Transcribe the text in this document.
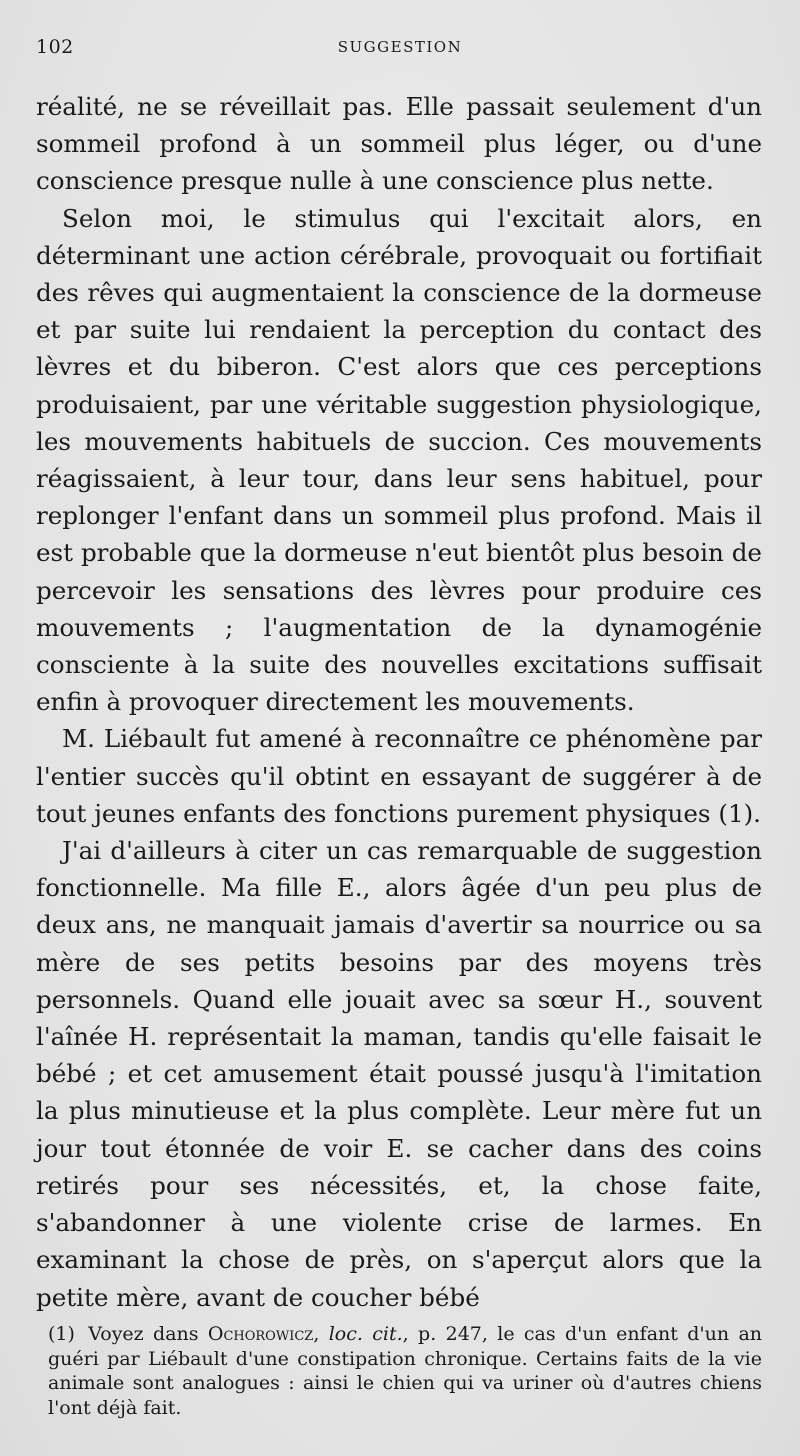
102	SUGGESTION

réalité, ne se réveillait pas. Elle passait seulement d'un sommeil profond à un sommeil plus léger, ou d'une conscience presque nulle à une conscience plus nette.

Selon moi, le stimulus qui l'excitait alors, en déterminant une action cérébrale, provoquait ou fortifiait des rêves qui augmentaient la conscience de la dormeuse et par suite lui rendaient la perception du contact des lèvres et du biberon. C'est alors que ces perceptions produisaient, par une véritable suggestion physiologique, les mouvements habituels de succion. Ces mouvements réagissaient, à leur tour, dans leur sens habituel, pour replonger l'enfant dans un sommeil plus profond. Mais il est probable que la dormeuse n'eut bientôt plus besoin de percevoir les sensations des lèvres pour produire ces mouvements ; l'augmentation de la dynamogénie consciente à la suite des nouvelles excitations suffisait enfin à provoquer directement les mouvements.

M. Liébault fut amené à reconnaître ce phénomène par l'entier succès qu'il obtint en essayant de suggérer à de tout jeunes enfants des fonctions purement physiques (1).

J'ai d'ailleurs à citer un cas remarquable de suggestion fonctionnelle. Ma fille E., alors âgée d'un peu plus de deux ans, ne manquait jamais d'avertir sa nourrice ou sa mère de ses petits besoins par des moyens très personnels. Quand elle jouait avec sa sœur H., souvent l'aînée H. représentait la maman, tandis qu'elle faisait le bébé ; et cet amusement était poussé jusqu'à l'imitation la plus minutieuse et la plus complète. Leur mère fut un jour tout étonnée de voir E. se cacher dans des coins retirés pour ses nécessités, et, la chose faite, s'abandonner à une violente crise de larmes. En examinant la chose de près, on s'aperçut alors que la petite mère, avant de coucher bébé

(1) Voyez dans Ochorowicz, loc. cit., p. 247, le cas d'un enfant d'un an guéri par Liébault d'une constipation chronique. Certains faits de la vie animale sont analogues : ainsi le chien qui va uriner où d'autres chiens l'ont déjà fait.
